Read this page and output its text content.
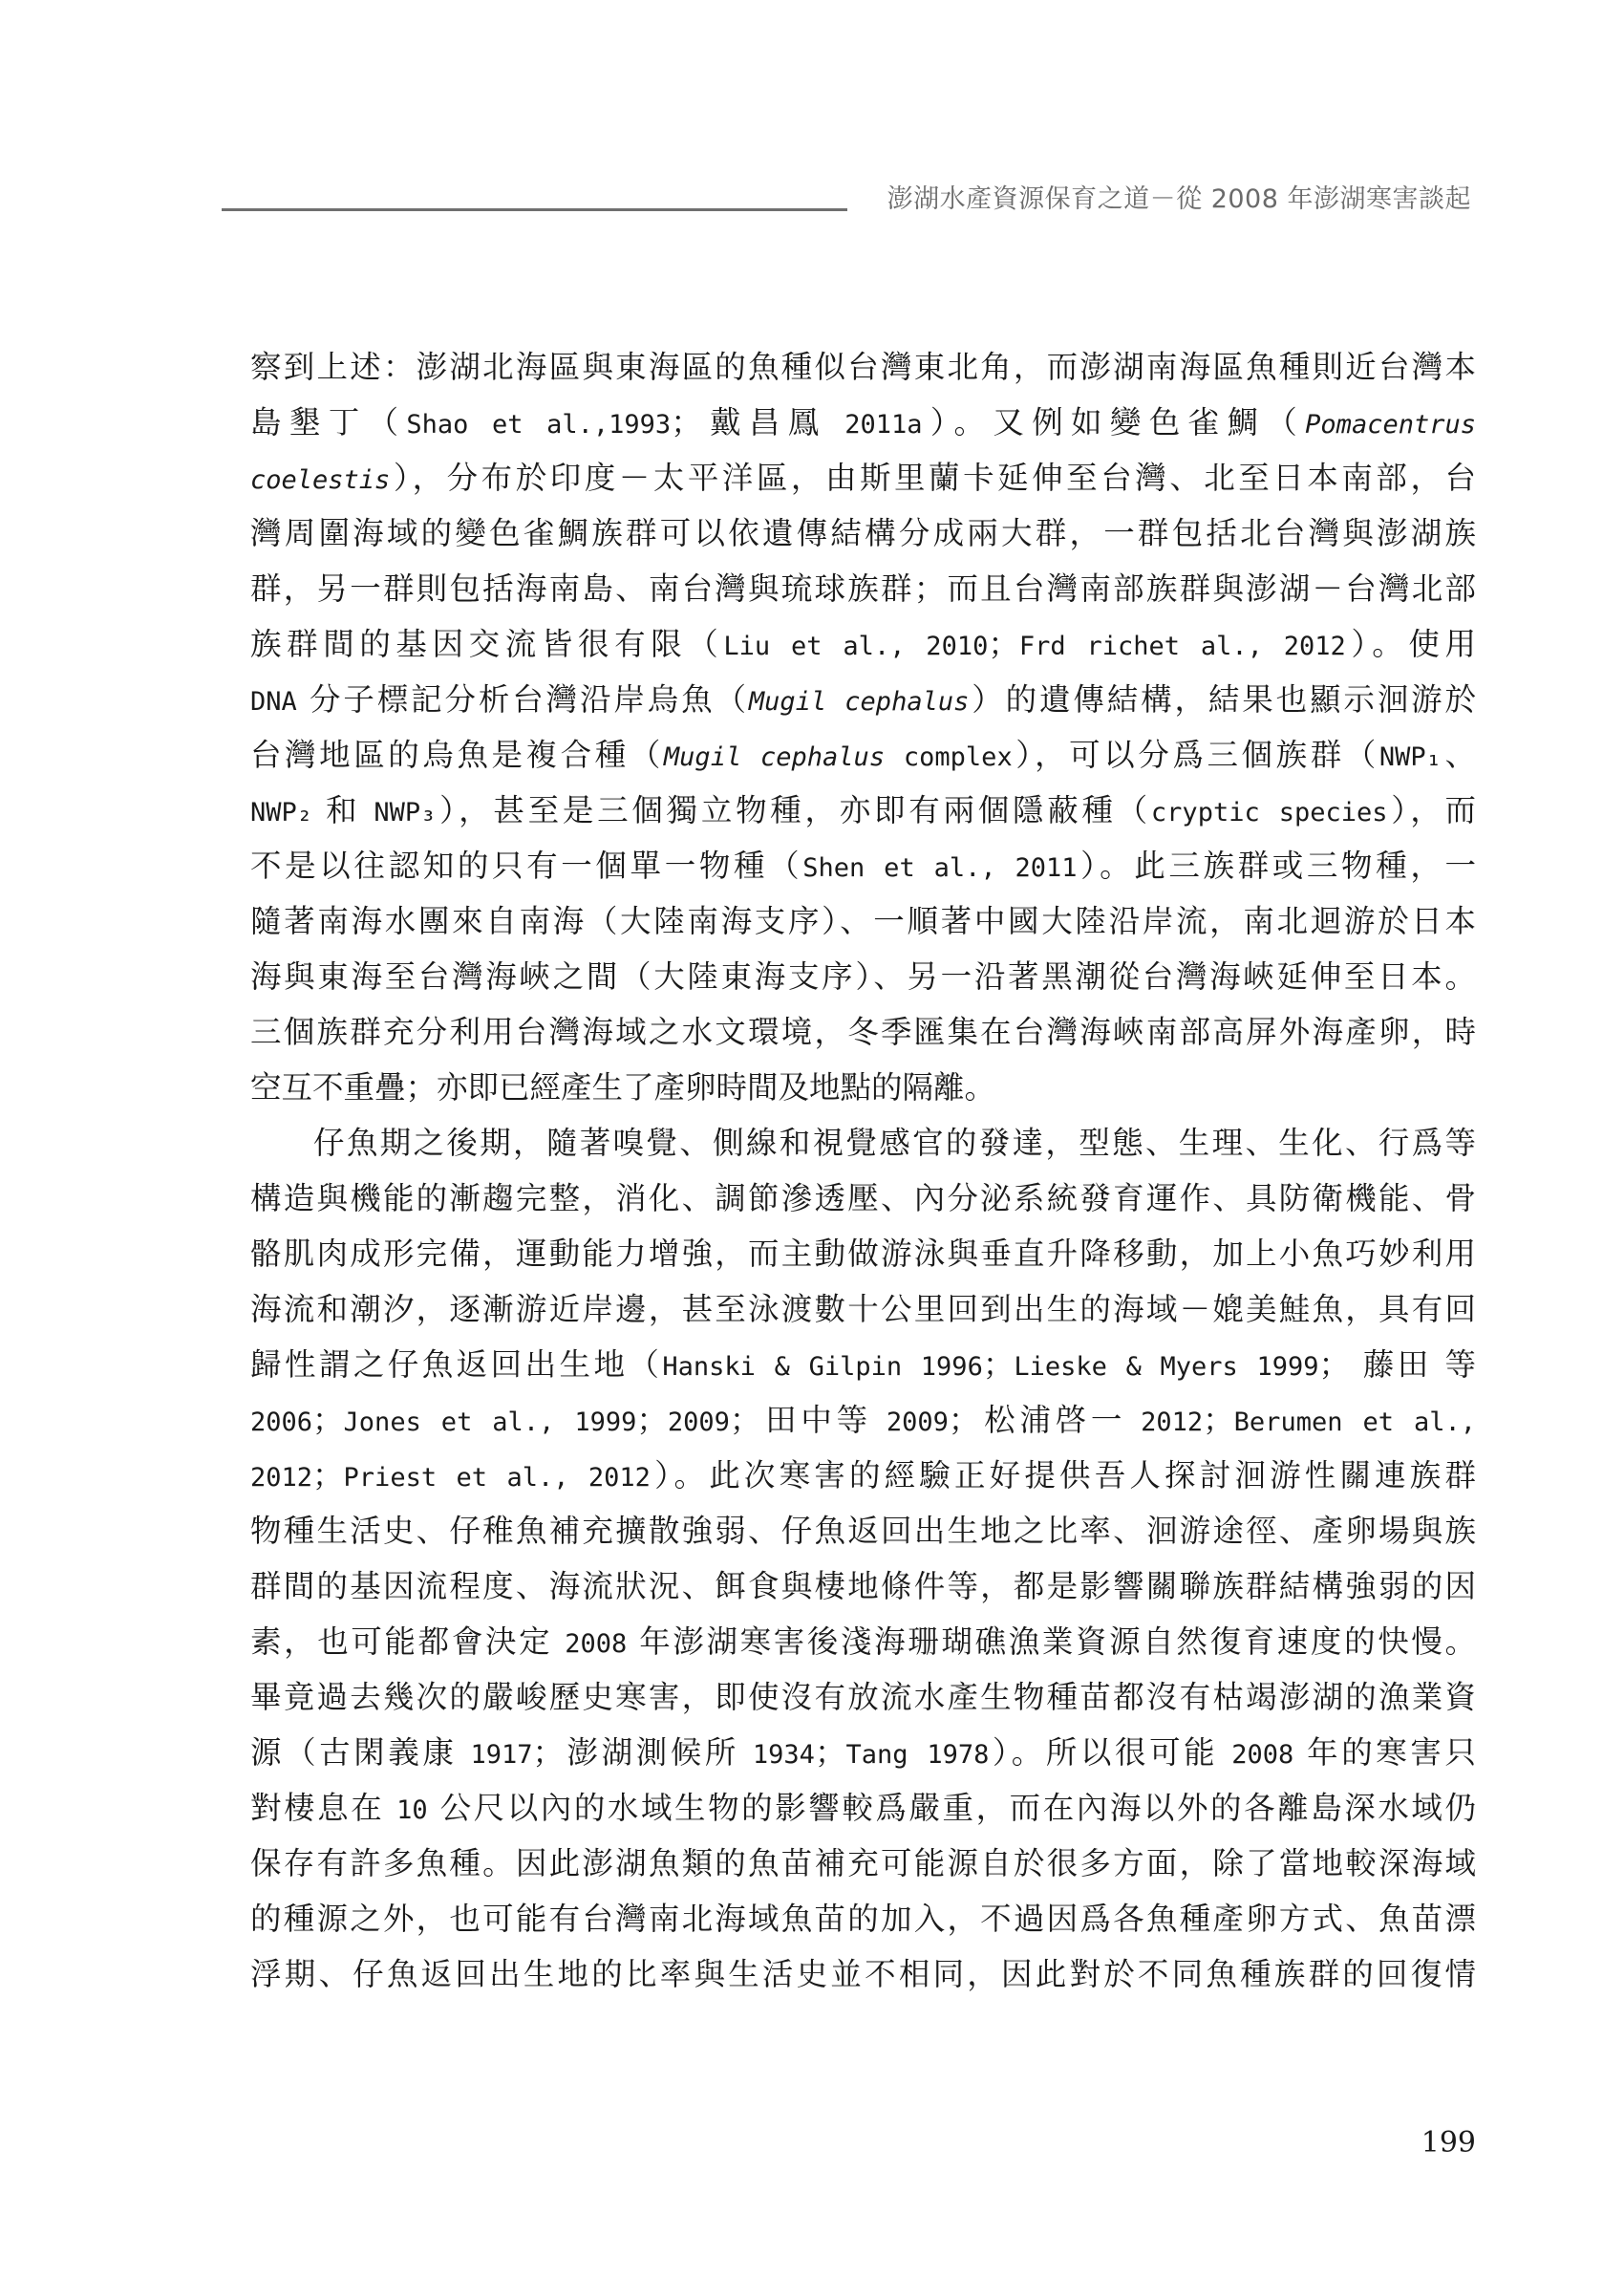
澎湖水產資源保育之道－從 2008 年澎湖寒害談起
察到上述：澎湖北海區與東海區的魚種似台灣東北角，而澎湖南海區魚種則近台灣本
島墾丁（Shao et al.,1993；戴昌鳳 2011a）。又例如變色雀鯛（Pomacentrus
coelestis），分布於印度－太平洋區，由斯里蘭卡延伸至台灣、北至日本南部，台
灣周圍海域的變色雀鯛族群可以依遺傳結構分成兩大群，一群包括北台灣與澎湖族
群，另一群則包括海南島、南台灣與琉球族群；而且台灣南部族群與澎湖－台灣北部
族群間的基因交流皆很有限（Liu et al., 2010；Frd richet al., 2012）。使用
DNA 分子標記分析台灣沿岸烏魚（Mugil cephalus）的遺傳結構，結果也顯示洄游於
台灣地區的烏魚是複合種（Mugil cephalus complex），可以分爲三個族群（NWP₁、
NWP₂ 和 NWP₃），甚至是三個獨立物種，亦即有兩個隱蔽種（cryptic species），而
不是以往認知的只有一個單一物種（Shen et al., 2011）。此三族群或三物種，一
隨著南海水團來自南海（大陸南海支序）、一順著中國大陸沿岸流，南北迴游於日本
海與東海至台灣海峽之間（大陸東海支序）、另一沿著黑潮從台灣海峽延伸至日本。
三個族群充分利用台灣海域之水文環境，冬季匯集在台灣海峽南部高屏外海產卵，時
空互不重疊；亦即已經產生了產卵時間及地點的隔離。
仔魚期之後期，隨著嗅覺、側線和視覺感官的發達，型態、生理、生化、行爲等
構造與機能的漸趨完整，消化、調節滲透壓、內分泌系統發育運作、具防衛機能、骨
骼肌肉成形完備，運動能力增強，而主動做游泳與垂直升降移動，加上小魚巧妙利用
海流和潮汐，逐漸游近岸邊，甚至泳渡數十公里回到出生的海域－媲美鮭魚，具有回
歸性謂之仔魚返回出生地（Hanski & Gilpin 1996；Lieske & Myers 1999； 藤田 等
2006；Jones et al., 1999；2009；田中等 2009；松浦啓一 2012；Berumen et al.,
2012；Priest et al., 2012）。此次寒害的經驗正好提供吾人探討洄游性關連族群
物種生活史、仔稚魚補充擴散強弱、仔魚返回出生地之比率、洄游途徑、產卵場與族
群間的基因流程度、海流狀況、餌食與棲地條件等，都是影響關聯族群結構強弱的因
素，也可能都會決定 2008 年澎湖寒害後淺海珊瑚礁漁業資源自然復育速度的快慢。
畢竟過去幾次的嚴峻歷史寒害，即使沒有放流水產生物種苗都沒有枯竭澎湖的漁業資
源（古閑義康 1917；澎湖測候所 1934；Tang 1978）。所以很可能 2008 年的寒害只
對棲息在 10 公尺以內的水域生物的影響較爲嚴重，而在內海以外的各離島深水域仍
保存有許多魚種。因此澎湖魚類的魚苗補充可能源自於很多方面，除了當地較深海域
的種源之外，也可能有台灣南北海域魚苗的加入，不過因爲各魚種產卵方式、魚苗漂
浮期、仔魚返回出生地的比率與生活史並不相同，因此對於不同魚種族群的回復情
199
